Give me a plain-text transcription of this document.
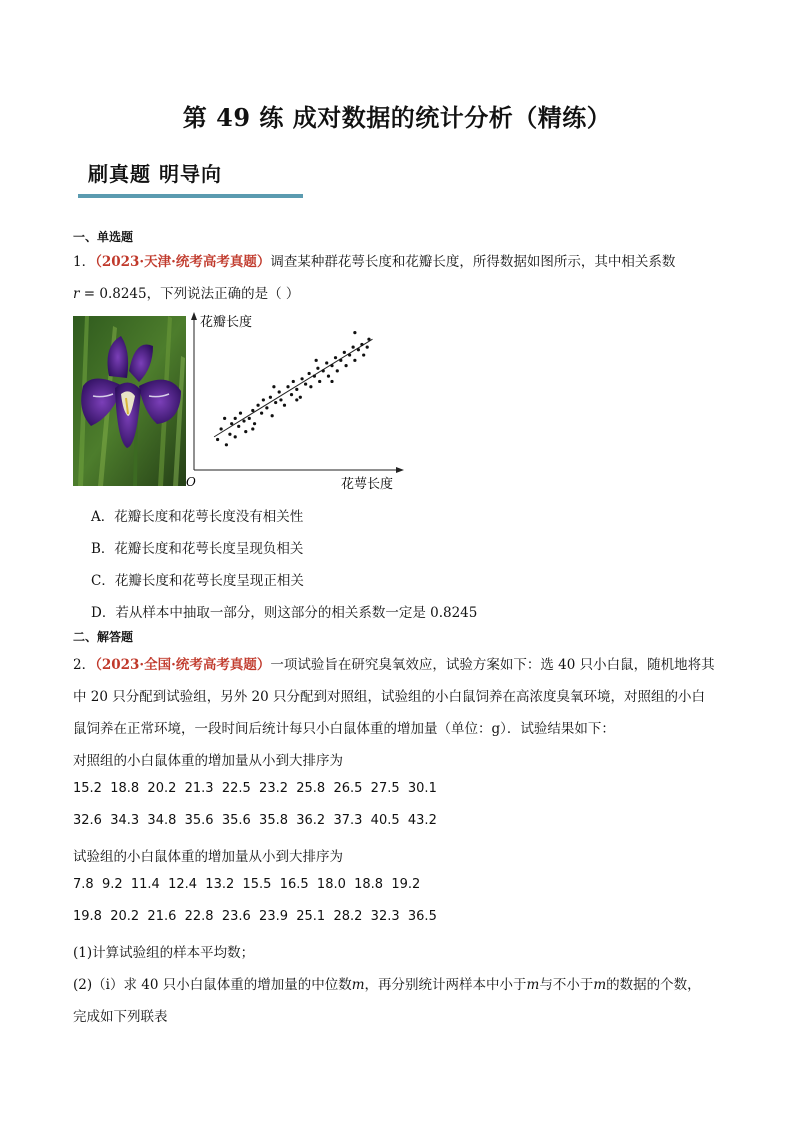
第 49 练 成对数据的统计分析（精练）
刷真题 明导向
一、单选题
1．（2023·天津·统考高考真题）调查某种群花萼长度和花瓣长度，所得数据如图所示，其中相关系数
r = 0.8245，下列说法正确的是（ ）
花瓣长度
花萼长度
O
A．花瓣长度和花萼长度没有相关性
B．花瓣长度和花萼长度呈现负相关
C．花瓣长度和花萼长度呈现正相关
D．若从样本中抽取一部分，则这部分的相关系数一定是 0.8245
二、解答题
2．（2023·全国·统考高考真题）一项试验旨在研究臭氧效应，试验方案如下：选 40 只小白鼠，随机地将其
中 20 只分配到试验组，另外 20 只分配到对照组，试验组的小白鼠饲养在高浓度臭氧环境，对照组的小白
鼠饲养在正常环境，一段时间后统计每只小白鼠体重的增加量（单位：g）．试验结果如下：
对照组的小白鼠体重的增加量从小到大排序为
15.2  18.8  20.2  21.3  22.5  23.2  25.8  26.5  27.5  30.1
32.6  34.3  34.8  35.6  35.6  35.8  36.2  37.3  40.5  43.2
试验组的小白鼠体重的增加量从小到大排序为
7.8  9.2  11.4  12.4  13.2  15.5  16.5  18.0  18.8  19.2
19.8  20.2  21.6  22.8  23.6  23.9  25.1  28.2  32.3  36.5
(1)计算试验组的样本平均数；
(2)（ⅰ）求 40 只小白鼠体重的增加量的中位数m，再分别统计两样本中小于m与不小于m的数据的个数，
完成如下列联表
